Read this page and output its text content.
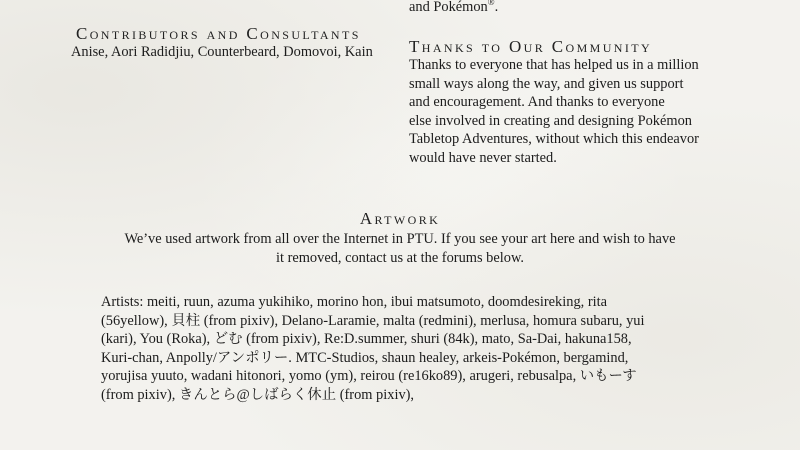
and Pokémon®.
Contributors and Consultants
Anise, Aori Radidjiu, Counterbeard, Domovoi, Kain	Thanks to Our Community
Thanks to everyone that has helped us in a million
small ways along the way, and given us support
and encouragement. And thanks to everyone
else involved in creating and designing Pokémon
Tabletop Adventures, without which this endeavor
would have never started.
Artwork
We’ve used artwork from all over the Internet in PTU. If you see your art here and wish to have
it removed, contact us at the forums below.
Artists: meiti, ruun, azuma yukihiko, morino hon, ibui matsumoto, doomdesireking, rita
(56yellow), 貝柱 (from pixiv), Delano-Laramie, malta (redmini), merlusa, homura subaru, yui
(kari), You (Roka), どむ (from pixiv), Re:D.summer, shuri (84k), mato, Sa-Dai, hakuna158,
Kuri-chan, Anpolly/アンポリー. MTC-Studios, shaun healey, arkeis-Pokémon, bergamind,
yorujisa yuuto, wadani hitonori, yomo (ym), reirou (re16ko89), arugeri, rebusalpa, いもーす
(from pixiv), きんとら@しばらく休止 (from pixiv),
